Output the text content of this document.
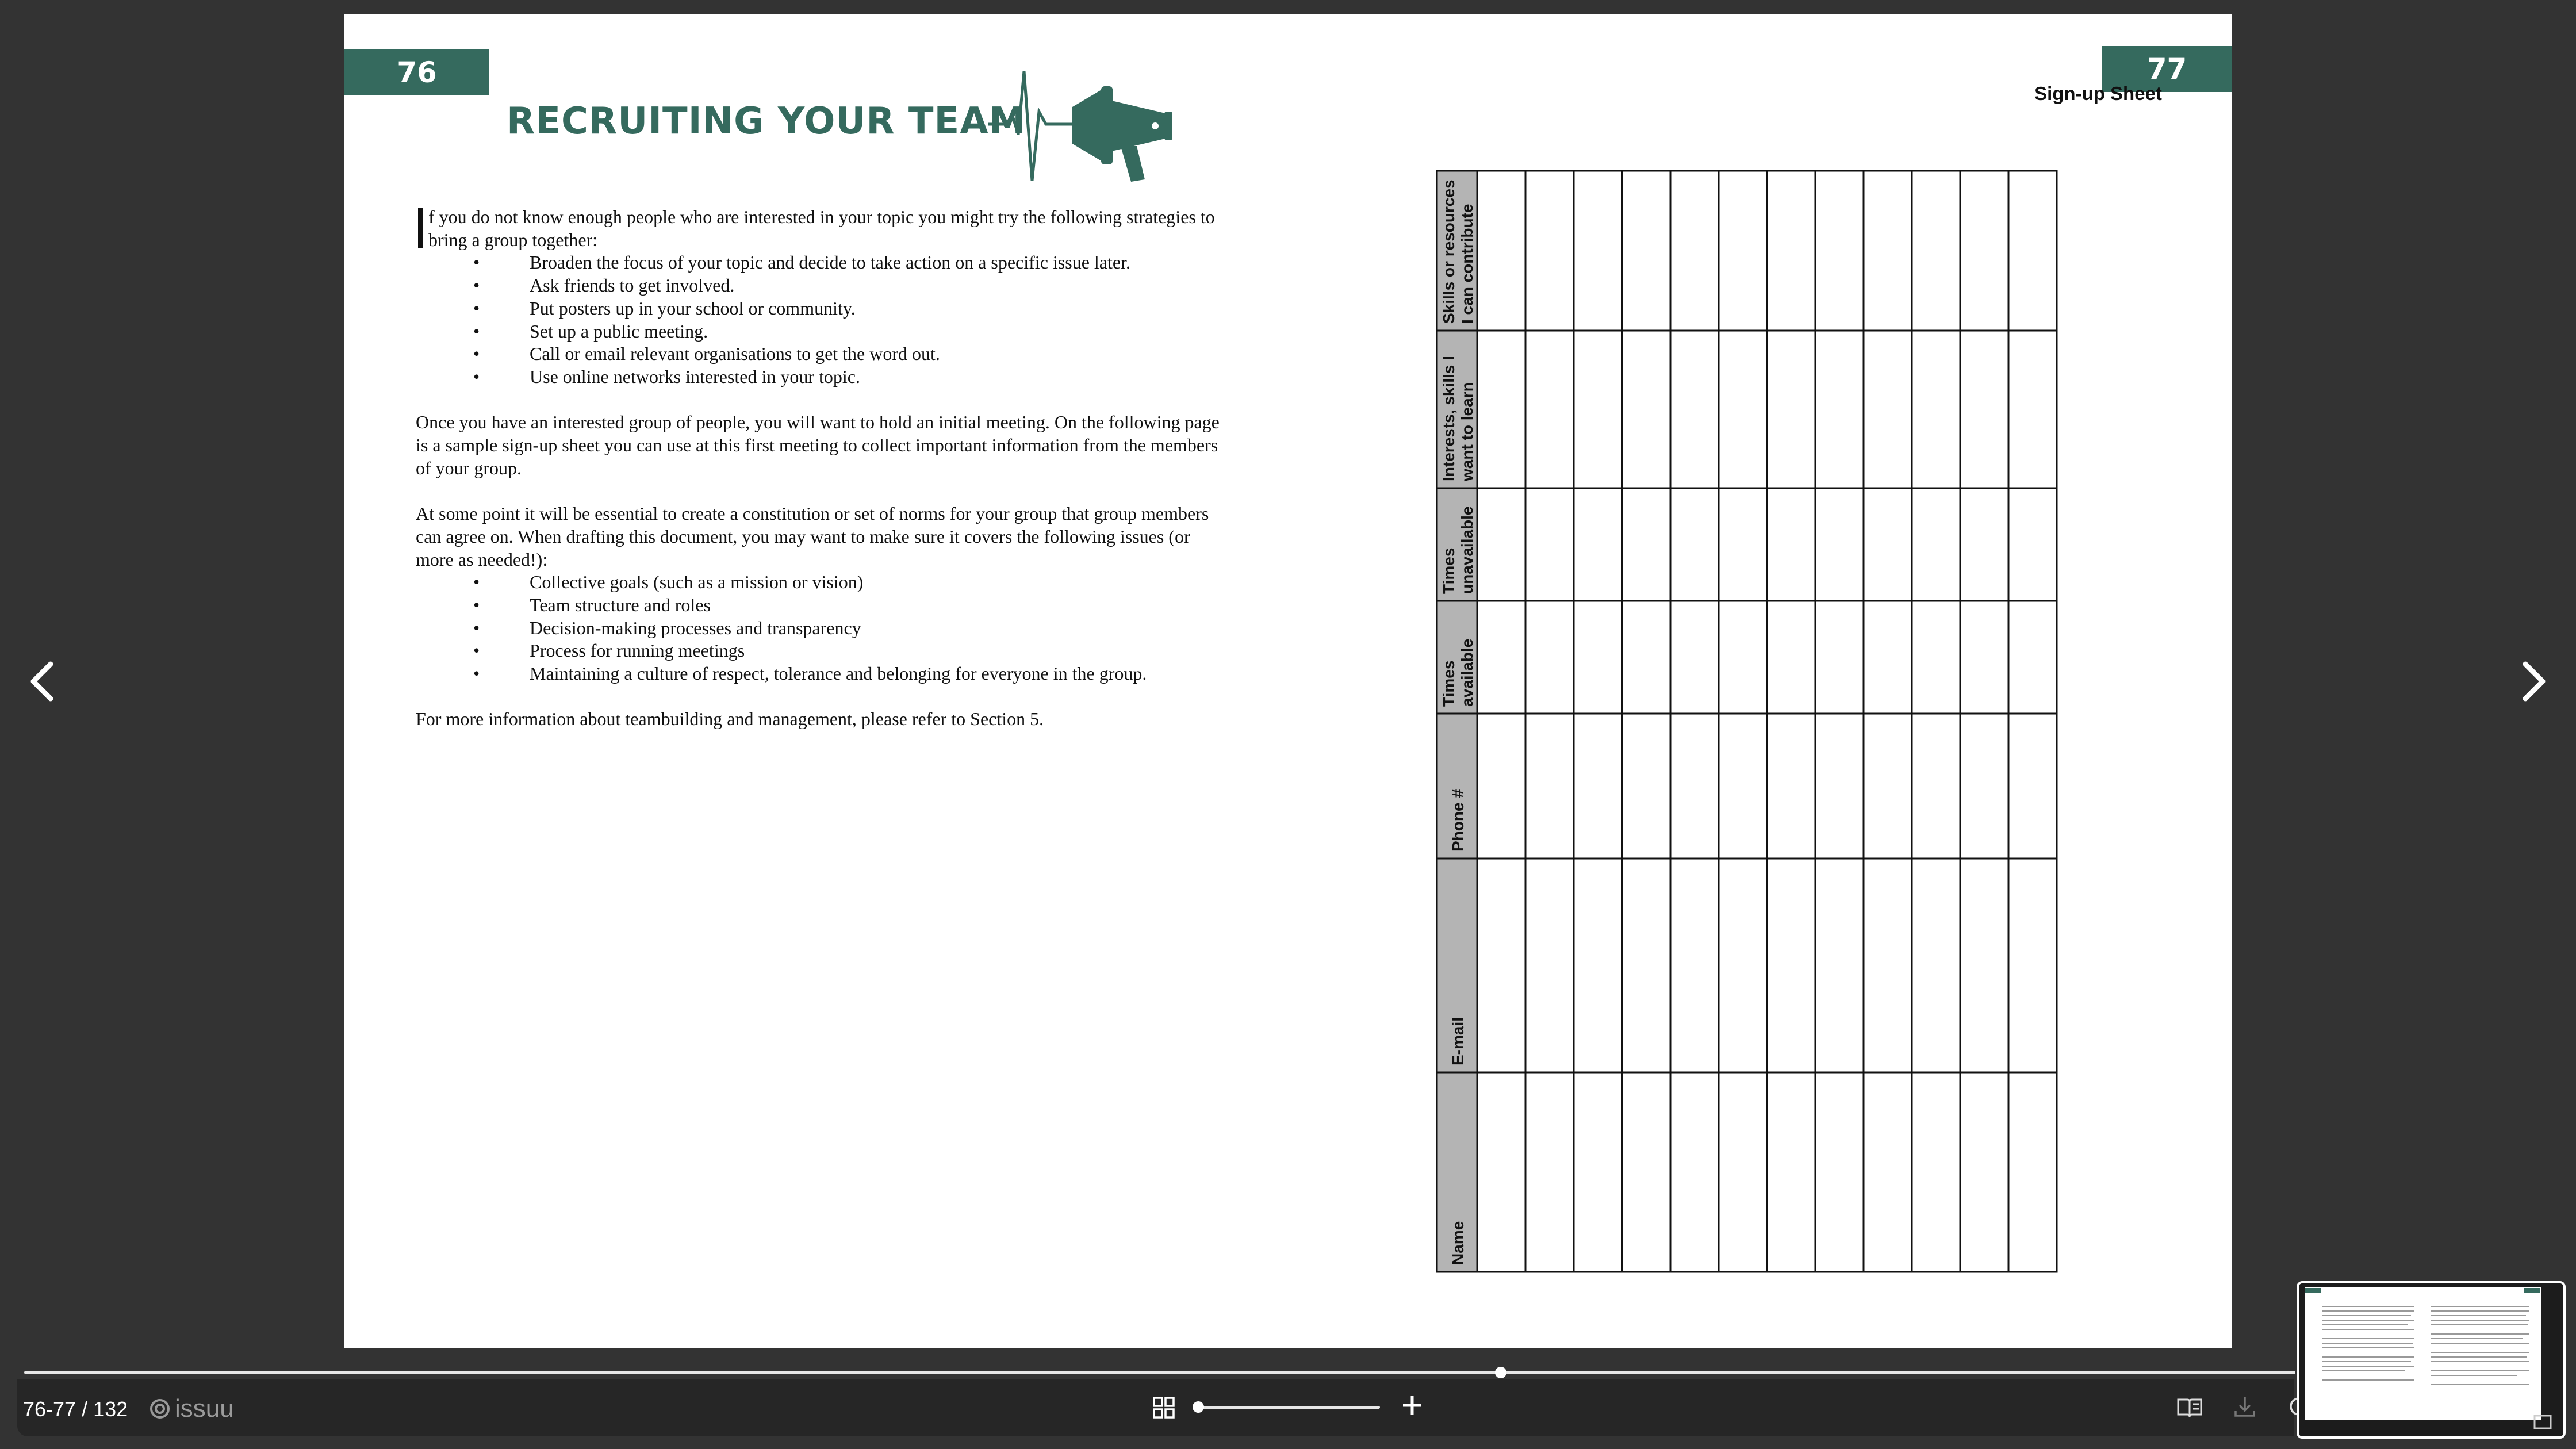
76
RECRUITING YOUR TEAM

f you do not know enough people who are interested in your topic you might try the following strategies to bring a group together:

• Broaden the focus of your topic and decide to take action on a specific issue later.
• Ask friends to get involved.
• Put posters up in your school or community.
• Set up a public meeting.
• Call or email relevant organisations to get the word out.
• Use online networks interested in your topic.

Once you have an interested group of people, you will want to hold an initial meeting. On the following page is a sample sign-up sheet you can use at this first meeting to collect important information from the members of your group.

At some point it will be essential to create a constitution or set of norms for your group that group members can agree on. When drafting this document, you may want to make sure it covers the following issues (or more as needed!):

• Collective goals (such as a mission or vision)
• Team structure and roles
• Decision-making processes and transparency
• Process for running meetings
• Maintaining a culture of respect, tolerance and belonging for everyone in the group.

For more information about teambuilding and management, please refer to Section 5.

77
Sign-up Sheet
Skills or resources I can contribute
Interests, skills I want to learn
Times unavailable
Times available
Phone #
E-mail
Name
76-77 / 132 issuu
